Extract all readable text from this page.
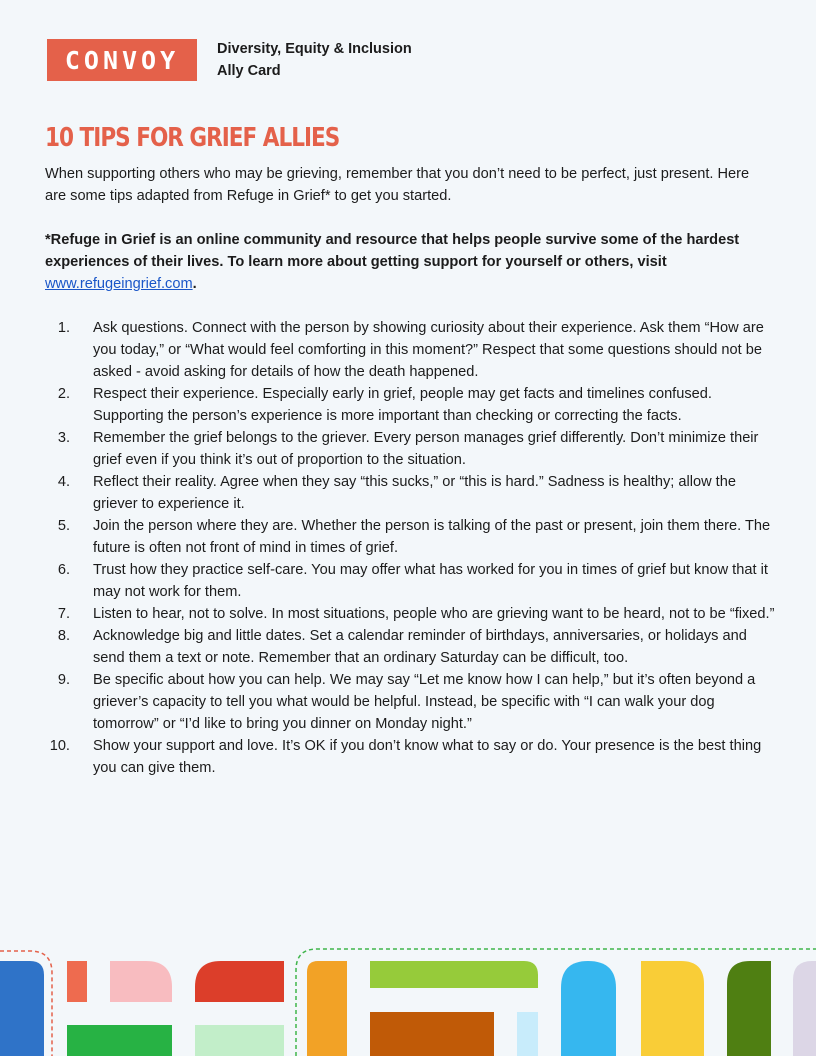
CONVOY	Diversity, Equity & Inclusion
Ally Card
10 TIPS FOR GRIEF ALLIES

When supporting others who may be grieving, remember that you don’t need to be perfect, just present. Here are some tips adapted from Refuge in Grief* to get you started.

*Refuge in Grief is an online community and resource that helps people survive some of the hardest experiences of their lives. To learn more about getting support for yourself or others, visit www.refugeingrief.com.

1. Ask questions. Connect with the person by showing curiosity about their experience. Ask them “How are you today,” or “What would feel comforting in this moment?” Respect that some questions should not be asked - avoid asking for details of how the death happened.
2. Respect their experience. Especially early in grief, people may get facts and timelines confused. Supporting the person’s experience is more important than checking or correcting the facts.
3. Remember the grief belongs to the griever. Every person manages grief differently. Don’t minimize their grief even if you think it’s out of proportion to the situation.
4. Reflect their reality. Agree when they say “this sucks,” or “this is hard.” Sadness is healthy; allow the griever to experience it.
5. Join the person where they are. Whether the person is talking of the past or present, join them there. The future is often not front of mind in times of grief.
6. Trust how they practice self-care. You may offer what has worked for you in times of grief but know that it may not work for them.
7. Listen to hear, not to solve. In most situations, people who are grieving want to be heard, not to be “fixed.”
8. Acknowledge big and little dates. Set a calendar reminder of birthdays, anniversaries, or holidays and send them a text or note. Remember that an ordinary Saturday can be difficult, too.
9. Be specific about how you can help. We may say “Let me know how I can help,” but it’s often beyond a griever’s capacity to tell you what would be helpful. Instead, be specific with “I can walk your dog tomorrow” or “I’d like to bring you dinner on Monday night.”
10. Show your support and love. It’s OK if you don’t know what to say or do. Your presence is the best thing you can give them.
